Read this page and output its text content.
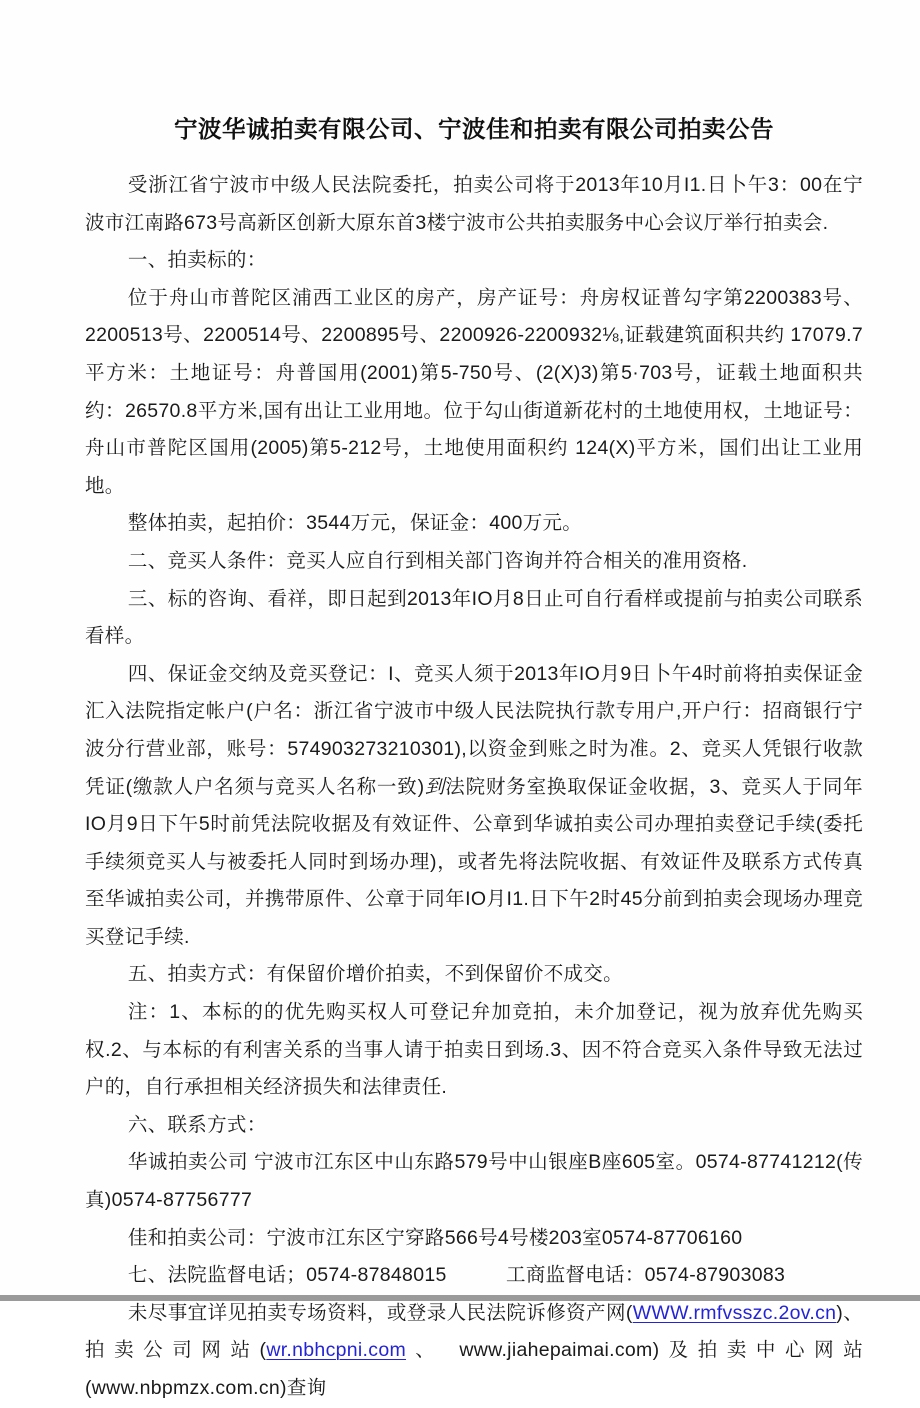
宁波华诚拍卖有限公司、宁波佳和拍卖有限公司拍卖公告

受浙江省宁波市中级人民法院委托，拍卖公司将于2013年10月I1.日卜午3：00在宁波市江南路673号高新区创新大原东首3楼宁波市公共拍卖服务中心会议厅举行拍卖会.

一、拍卖标的：

位于舟山市普陀区浦西工业区的房产，房产证号：舟房权证普勾字第2200383号、2200513号、2200514号、2200895号、2200926-2200932⅛,证载建筑面积共约 17079.7平方米：土地证号：舟普国用(2001)第5-750号、(2(X)3)第5·703号，证载土地面积共约：26570.8平方米,国有出让工业用地。位于勾山街道新花村的土地使用权，土地证号：舟山市普陀区国用(2005)第5-212号，土地使用面积约 124(X)平方米，国们出让工业用地。

整体拍卖，起拍价：3544万元，保证金：400万元。

二、竞买人条件：竞买人应自行到相关部门咨询并符合相关的准用资格.

三、标的咨询、看祥，即日起到2013年IO月8日止可自行看样或提前与拍卖公司联系看样。

四、保证金交纳及竞买登记：I、竞买人须于2013年IO月9日卜午4时前将拍卖保证金汇入法院指定帐户(户名：浙江省宁波市中级人民法院执行款专用户,开户行：招商银行宁波分行营业部，账号：574903273210301),以资金到账之时为准。2、竞买人凭银行收款凭证(缴款人户名须与竞买人名称一致)到法院财务室换取保证金收据，3、竞买人于同年IO月9日下午5时前凭法院收据及有效证件、公章到华诚拍卖公司办理拍卖登记手续(委托手续须竞买人与被委托人同时到场办理)，或者先将法院收据、有效证件及联系方式传真至华诚拍卖公司，并携带原件、公章于同年IO月I1.日下午2时45分前到拍卖会现场办理竞买登记手续.

五、拍卖方式：有保留价增价拍卖，不到保留价不成交。

注：1、本标的的优先购买权人可登记弁加竞拍，未介加登记，视为放弃优先购买权.2、与本标的有利害关系的当事人请于拍卖日到场.3、因不符合竞买入条件导致无法过户的，自行承担相关经济损失和法律责任.

六、联系方式：

华诚拍卖公司 宁波市江东区中山东路579号中山银座B座605室。0574-87741212(传真)0574-87756777

佳和拍卖公司：宁波市江东区宁穿路566号4号楼203室0574-87706160

七、法院监督电话；0574-87848015　　　工商监督电话：0574-87903083

未尽事宜详见拍卖专场资料，或登录人民法院诉修资产网(WWW.rmfvsszc.2ov.cn)、拍卖公司网站(wr.nbhcpni.com、 www.jiahepaimai.com)及拍卖中心网站 (www.nbpmzx.com.cn)查询
